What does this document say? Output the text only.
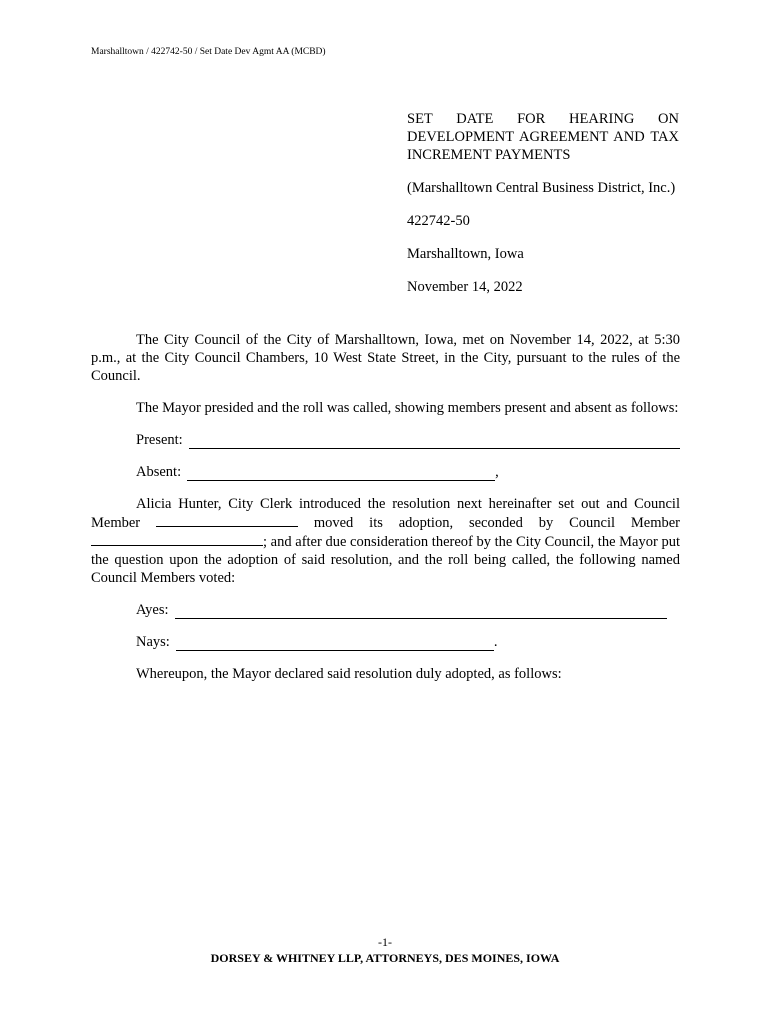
Marshalltown / 422742-50 / Set Date Dev Agmt AA (MCBD)

SET DATE FOR HEARING ON DEVELOPMENT AGREEMENT AND TAX INCREMENT PAYMENTS

(Marshalltown Central Business District, Inc.)

422742-50

Marshalltown, Iowa

November 14, 2022

The City Council of the City of Marshalltown, Iowa, met on November 14, 2022, at 5:30 p.m., at the City Council Chambers, 10 West State Street, in the City, pursuant to the rules of the Council.

The Mayor presided and the roll was called, showing members present and absent as follows:

Present:
Absent:	,

Alicia Hunter, City Clerk introduced the resolution next hereinafter set out and Council Member	moved its adoption, seconded by Council Member ; and after due consideration thereof by the City Council, the Mayor put the question upon the adoption of said resolution, and the roll being called, the following named Council Members voted:

Ayes:
Nays:	.

Whereupon, the Mayor declared said resolution duly adopted, as follows:

-1-
DORSEY & WHITNEY LLP, ATTORNEYS, DES MOINES, IOWA
